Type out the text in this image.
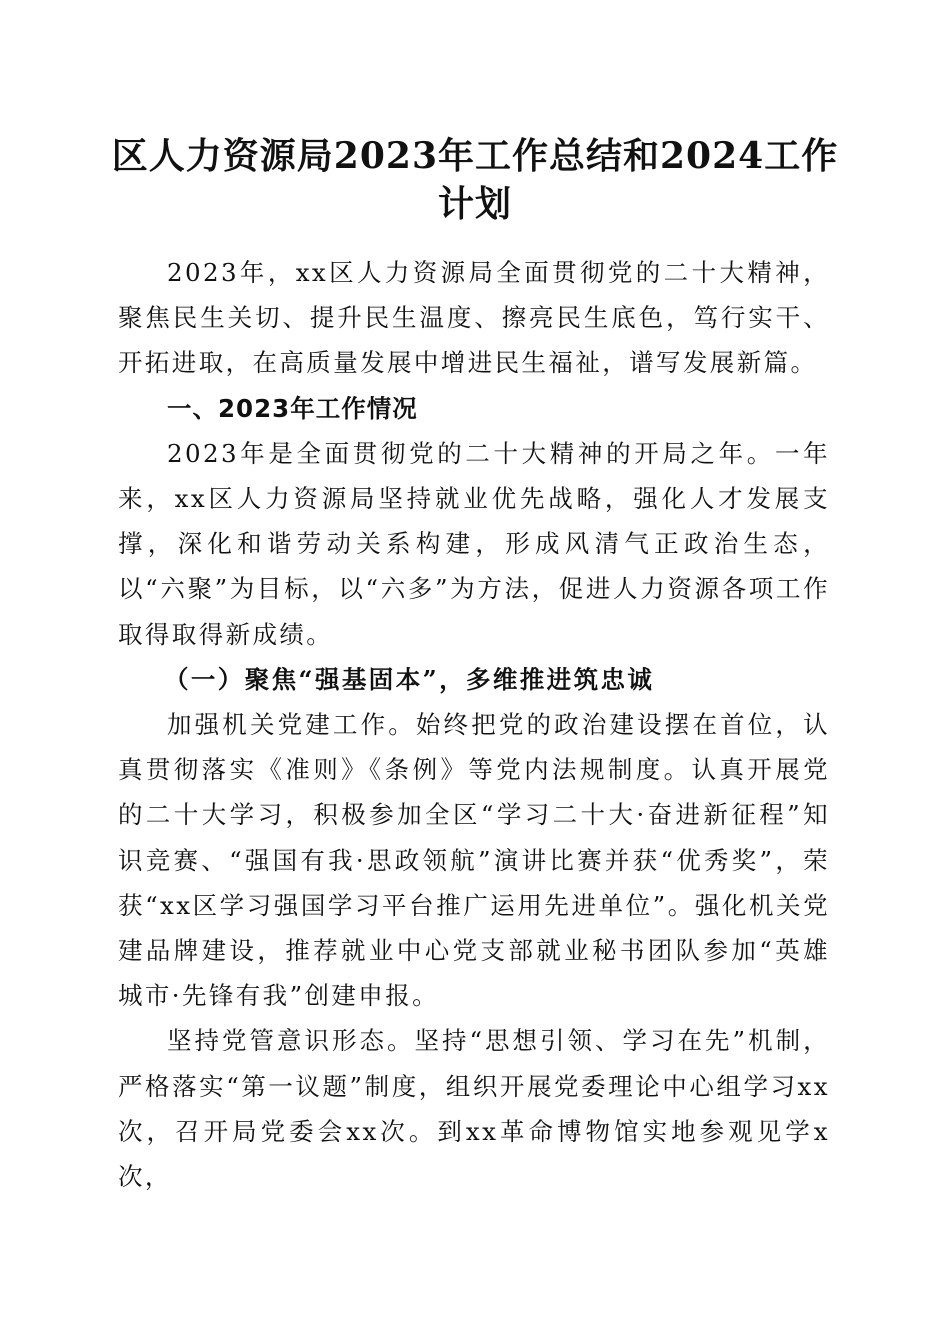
区人力资源局2023年工作总结和2024工作计划

2023年，xx区人力资源局全面贯彻党的二十大精神，聚焦民生关切、提升民生温度、擦亮民生底色，笃行实干、开拓进取，在高质量发展中增进民生福祉，谱写发展新篇。

一、2023年工作情况

2023年是全面贯彻党的二十大精神的开局之年。一年来，xx区人力资源局坚持就业优先战略，强化人才发展支撑，深化和谐劳动关系构建，形成风清气正政治生态，以“六聚”为目标，以“六多”为方法，促进人力资源各项工作取得取得新成绩。

（一）聚焦“强基固本”，多维推进筑忠诚

加强机关党建工作。始终把党的政治建设摆在首位，认真贯彻落实《准则》《条例》等党内法规制度。认真开展党的二十大学习，积极参加全区“学习二十大·奋进新征程”知识竞赛、“强国有我·思政领航”演讲比赛并获“优秀奖”，荣获“xx区学习强国学习平台推广运用先进单位”。强化机关党建品牌建设，推荐就业中心党支部就业秘书团队参加“英雄城市·先锋有我”创建申报。

坚持党管意识形态。坚持“思想引领、学习在先”机制，严格落实“第一议题”制度，组织开展党委理论中心组学习xx次，召开局党委会xx次。到xx革命博物馆实地参观见学x次，
